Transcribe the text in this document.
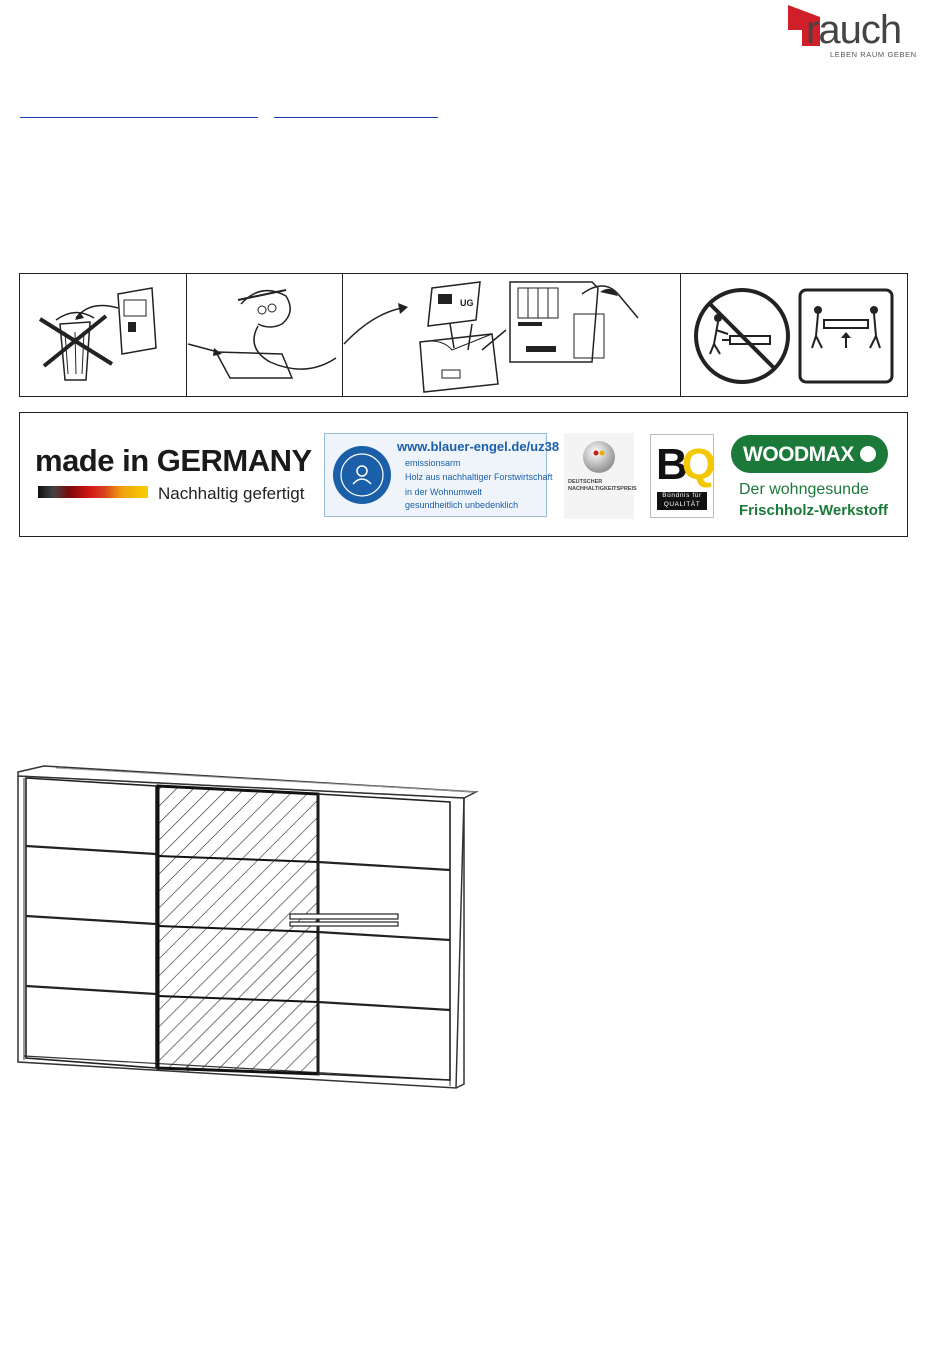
rauch
LEBEN RAUM GEBEN
UG
made in GERMANY
Nachhaltig gefertigt
www.blauer-engel.de/uz38
emissionsarm
Holz aus nachhaltiger Forstwirtschaft
in der Wohnumwelt gesundheitlich unbedenklich
DEUTSCHER NACHHALTIGKEITSPREIS BQ
Bündnis für
QUALITÄT
WOODMAX
Der wohngesunde
Frischholz-Werkstoff
